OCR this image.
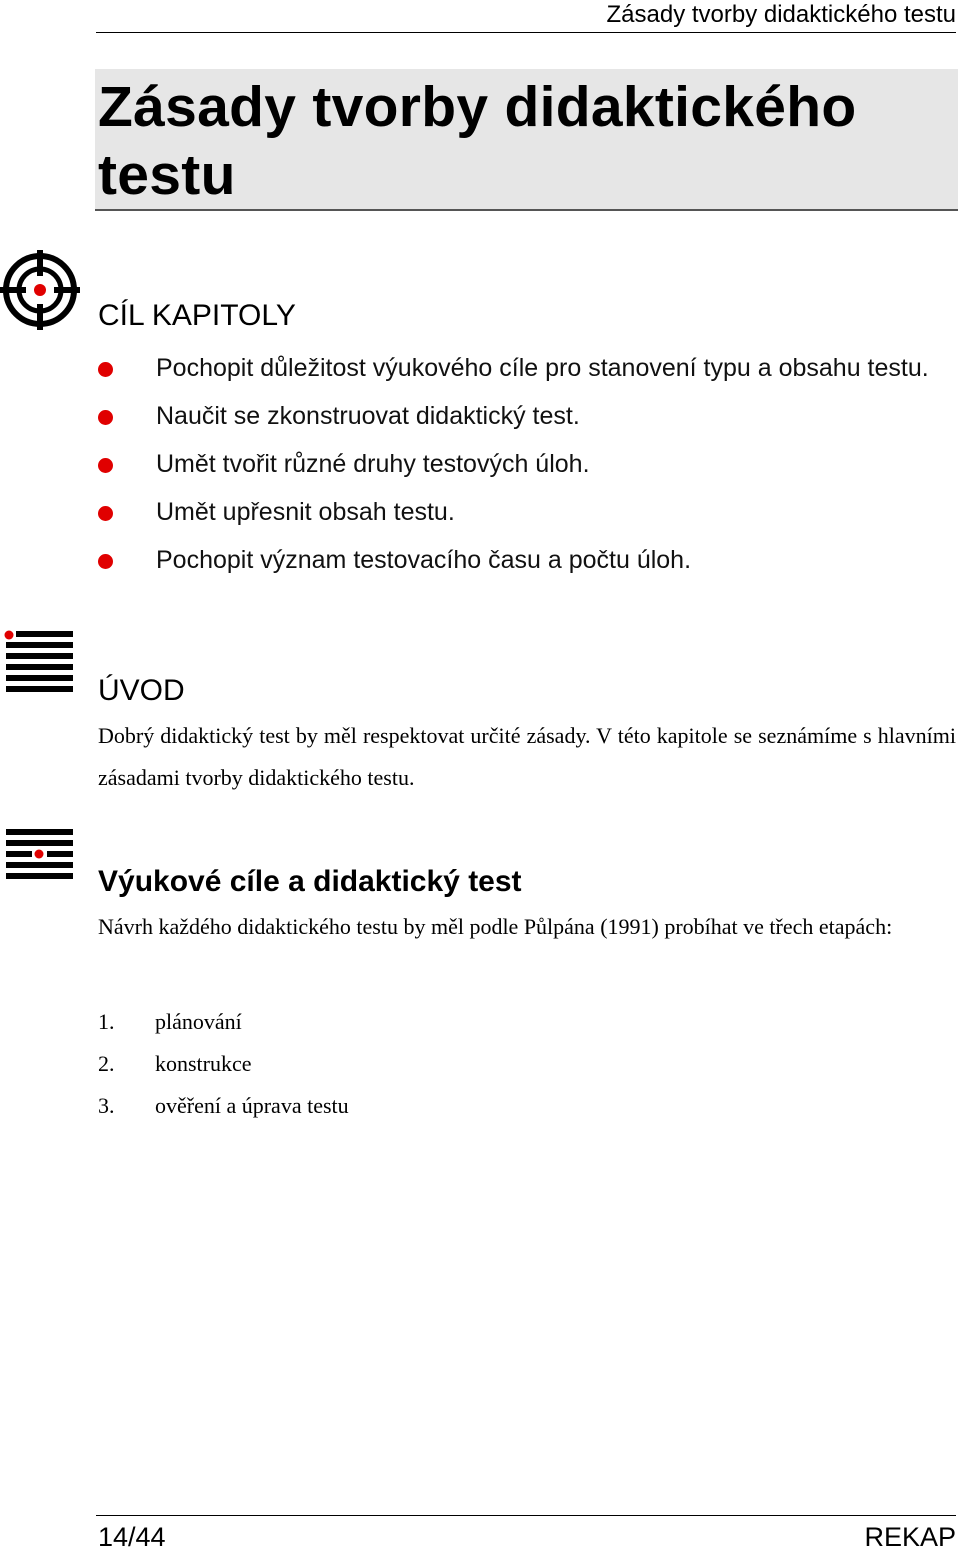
Zásady tvorby didaktického testu
Zásady tvorby didaktického
testu
CÍL KAPITOLY
Pochopit důležitost výukového cíle pro stanovení typu a obsahu testu.
Naučit se zkonstruovat didaktický test.
Umět tvořit různé druhy testových úloh.
Umět upřesnit obsah testu.
Pochopit význam testovacího času a počtu úloh.
ÚVOD

Dobrý didaktický test by měl respektovat určité zásady. V této kapitole se seznámíme s hlavními zásadami tvorby didaktického testu.

Výukové cíle a didaktický test

Návrh každého didaktického testu by měl podle Půlpána (1991) probíhat ve třech etapách:

1. plánování
2. konstrukce
3. ověření a úprava testu
14/44	REKAP
